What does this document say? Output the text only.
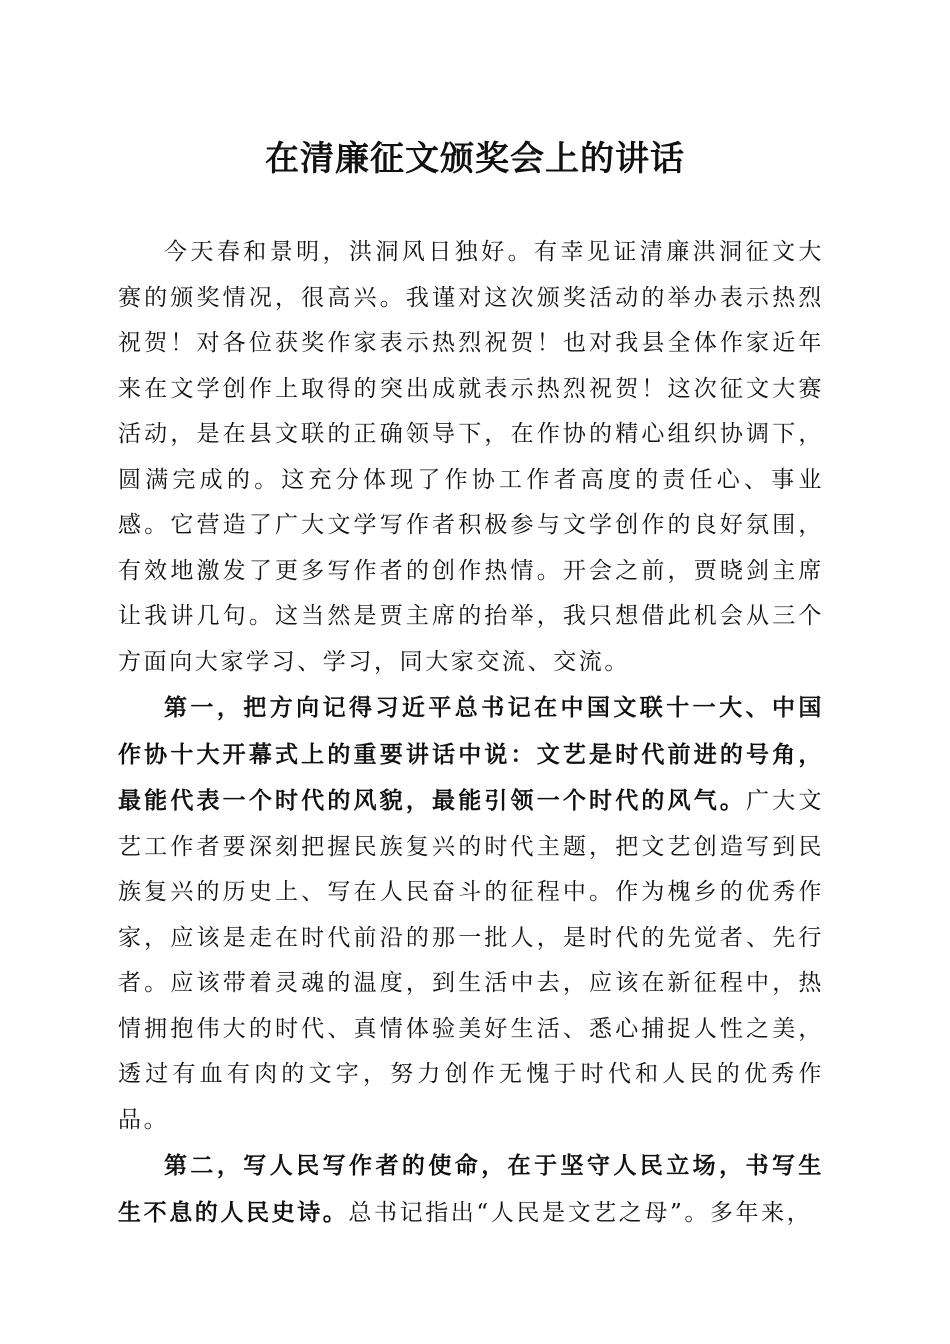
在清廉征文颁奖会上的讲话

今天春和景明，洪洞风日独好。有幸见证清廉洪洞征文大赛的颁奖情况，很高兴。我谨对这次颁奖活动的举办表示热烈祝贺！对各位获奖作家表示热烈祝贺！也对我县全体作家近年来在文学创作上取得的突出成就表示热烈祝贺！这次征文大赛活动，是在县文联的正确领导下，在作协的精心组织协调下，圆满完成的。这充分体现了作协工作者高度的责任心、事业感。它营造了广大文学写作者积极参与文学创作的良好氛围，有效地激发了更多写作者的创作热情。开会之前，贾晓剑主席让我讲几句。这当然是贾主席的抬举，我只想借此机会从三个方面向大家学习、学习，同大家交流、交流。

第一，把方向记得习近平总书记在中国文联十一大、中国作协十大开幕式上的重要讲话中说：文艺是时代前进的号角，最能代表一个时代的风貌，最能引领一个时代的风气。广大文艺工作者要深刻把握民族复兴的时代主题，把文艺创造写到民族复兴的历史上、写在人民奋斗的征程中。作为槐乡的优秀作家，应该是走在时代前沿的那一批人，是时代的先觉者、先行者。应该带着灵魂的温度，到生活中去，应该在新征程中，热情拥抱伟大的时代、真情体验美好生活、悉心捕捉人性之美，透过有血有肉的文字，努力创作无愧于时代和人民的优秀作品。

第二，写人民写作者的使命，在于坚守人民立场，书写生生不息的人民史诗。总书记指出“人民是文艺之母”。多年来，
